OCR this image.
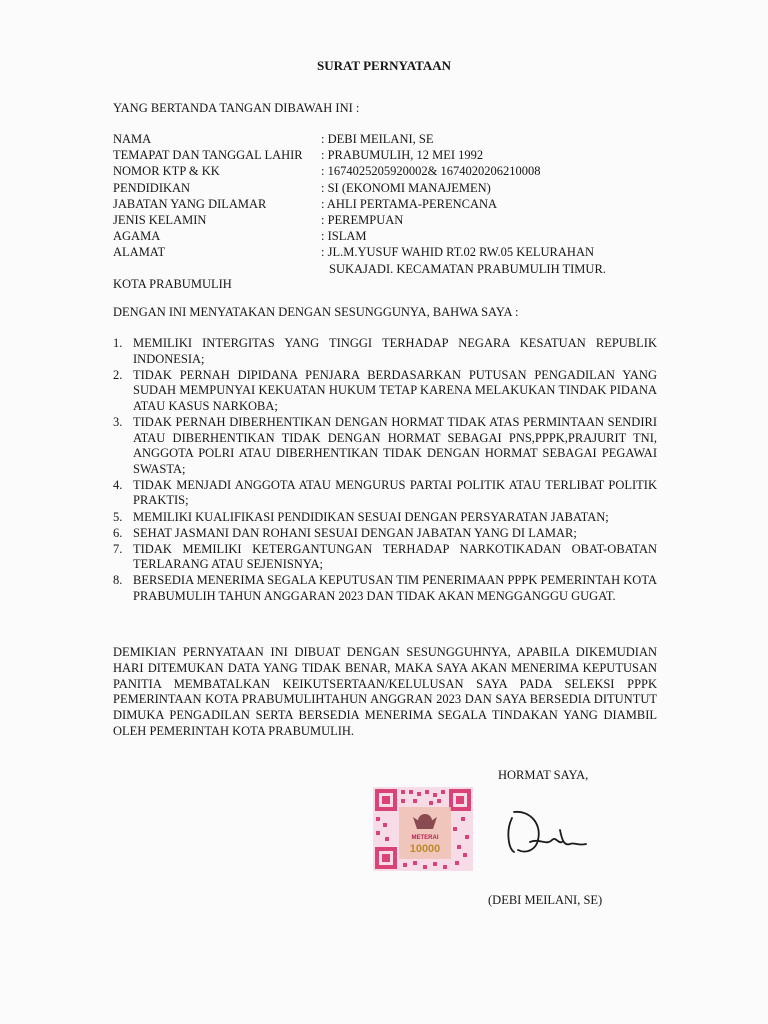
SURAT PERNYATAAN
YANG BERTANDA TANGAN DIBAWAH INI :
NAMA	: DEBI MEILANI, SE
TEMAPAT DAN TANGGAL LAHIR	: PRABUMULIH, 12 MEI 1992
NOMOR KTP & KK	: 1674025205920002& 1674020206210008
PENDIDIKAN	: SI (EKONOMI MANAJEMEN)
JABATAN YANG DILAMAR	: AHLI PERTAMA-PERENCANA
JENIS KELAMIN	: PEREMPUAN
AGAMA	: ISLAM
ALAMAT	: JL.M.YUSUF WAHID RT.02 RW.05 KELURAHAN
SUKAJADI. KECAMATAN PRABUMULIH TIMUR.
KOTA PRABUMULIH
DENGAN INI MENYATAKAN DENGAN SESUNGGUNYA, BAHWA SAYA :
1. MEMILIKI INTERGITAS YANG TINGGI TERHADAP NEGARA KESATUAN REPUBLIK INDONESIA;
2. TIDAK PERNAH DIPIDANA PENJARA BERDASARKAN PUTUSAN PENGADILAN YANG SUDAH MEMPUNYAI KEKUATAN HUKUM TETAP KARENA MELAKUKAN TINDAK PIDANA ATAU KASUS NARKOBA;
3. TIDAK PERNAH DIBERHENTIKAN DENGAN HORMAT TIDAK ATAS PERMINTAAN SENDIRI ATAU DIBERHENTIKAN TIDAK DENGAN HORMAT SEBAGAI PNS,PPPK,PRAJURIT TNI, ANGGOTA POLRI ATAU DIBERHENTIKAN TIDAK DENGAN HORMAT SEBAGAI PEGAWAI SWASTA;
4. TIDAK MENJADI ANGGOTA ATAU MENGURUS PARTAI POLITIK ATAU TERLIBAT POLITIK PRAKTIS;
5. MEMILIKI KUALIFIKASI PENDIDIKAN SESUAI DENGAN PERSYARATAN JABATAN;
6. SEHAT JASMANI DAN ROHANI SESUAI DENGAN JABATAN YANG DI LAMAR;
7. TIDAK MEMILIKI KETERGANTUNGAN TERHADAP NARKOTIKADAN OBAT-OBATAN TERLARANG ATAU SEJENISNYA;
8. BERSEDIA MENERIMA SEGALA KEPUTUSAN TIM PENERIMAAN PPPK PEMERINTAH KOTA PRABUMULIH TAHUN ANGGARAN 2023 DAN TIDAK AKAN MENGGANGGU GUGAT.
DEMIKIAN PERNYATAAN INI DIBUAT DENGAN SESUNGGUHNYA, APABILA DIKEMUDIAN HARI DITEMUKAN DATA YANG TIDAK BENAR, MAKA SAYA AKAN MENERIMA KEPUTUSAN PANITIA MEMBATALKAN KEIKUTSERTAAN/KELULUSAN SAYA PADA SELEKSI PPPK PEMERINTAAN KOTA PRABUMULIHTAHUN ANGGRAN 2023 DAN SAYA BERSEDIA DITUNTUT DIMUKA PENGADILAN SERTA BERSEDIA MENERIMA SEGALA TINDAKAN YANG DIAMBIL OLEH PEMERINTAH KOTA PRABUMULIH.
HORMAT SAYA,
METERAI
10000
(DEBI MEILANI, SE)
